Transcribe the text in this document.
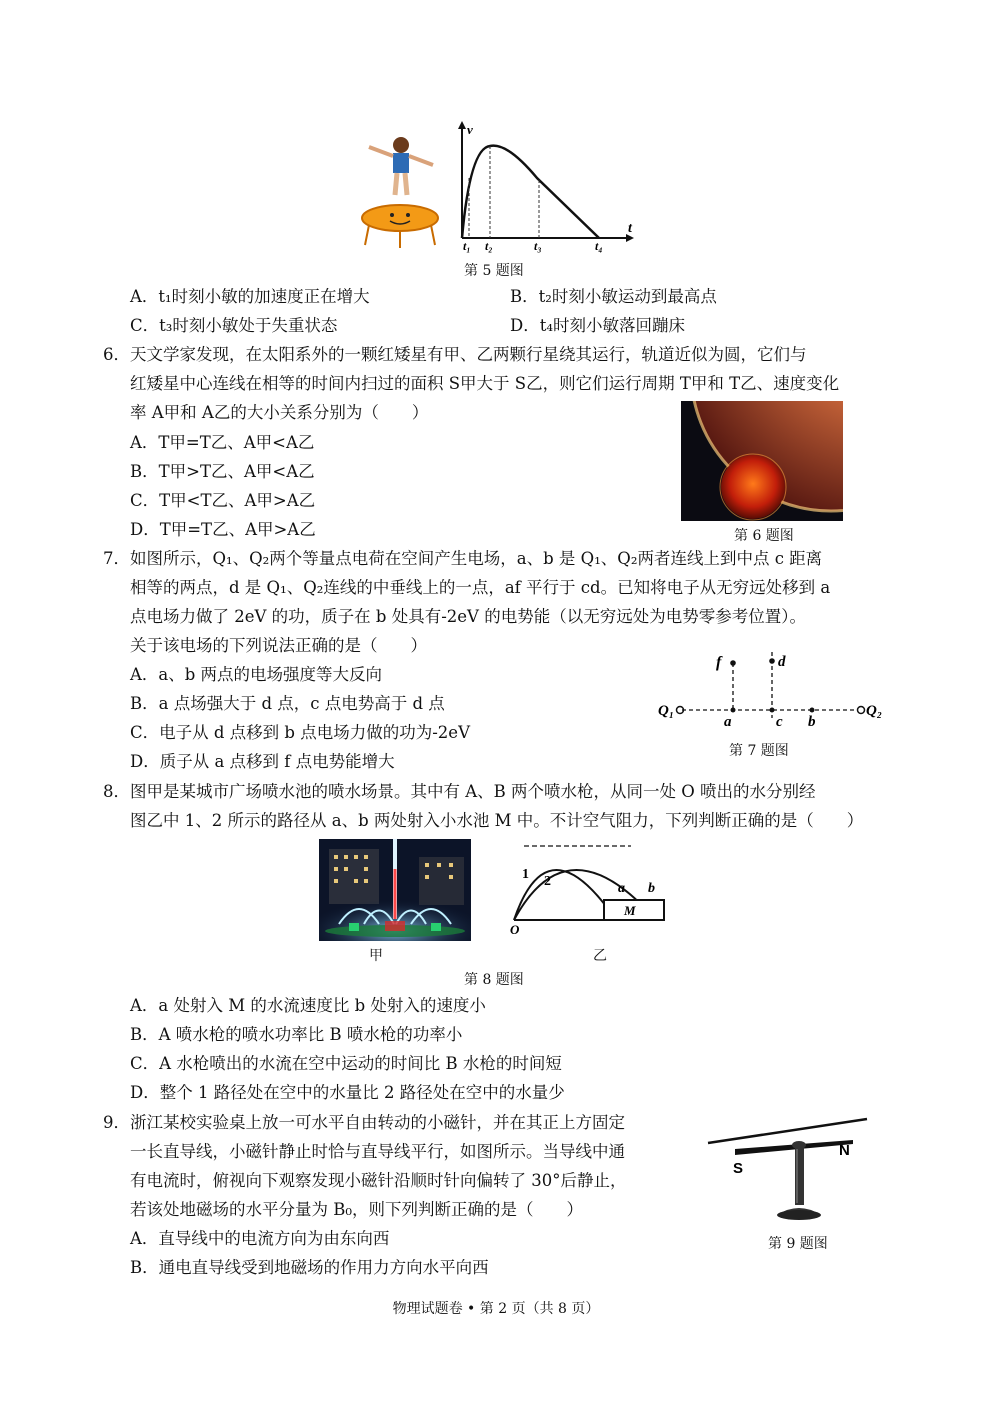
v
t
t₁ t₂	t₃	t₄
第 5 题图
A．t₁时刻小敏的加速度正在增大	B．t₂时刻小敏运动到最高点
C．t₃时刻小敏处于失重状态	D．t₄时刻小敏落回蹦床
6．天文学家发现，在太阳系外的一颗红矮星有甲、乙两颗行星绕其运行，轨道近似为圆，它们与
红矮星中心连线在相等的时间内扫过的面积 S甲大于 S乙，则它们运行周期 T甲和 T乙、速度变化
率 A甲和 A乙的大小关系分别为（　　）
A．T甲=T乙、A甲<A乙
B．T甲>T乙、A甲<A乙
C．T甲<T乙、A甲>A乙
D．T甲=T乙、A甲>A乙	第 6 题图
7．如图所示，Q₁、Q₂两个等量点电荷在空间产生电场，a、b 是 Q₁、Q₂两者连线上到中点 c 距离
相等的两点，d 是 Q₁、Q₂连线的中垂线上的一点，af 平行于 cd。已知将电子从无穷远处移到 a
点电场力做了 2eV 的功，质子在 b 处具有-2eV 的电势能（以无穷远处为电势零参考位置）。
关于该电场的下列说法正确的是（　　）
A．a、b 两点的电场强度等大反向
B．a 点场强大于 d 点，c 点电势高于 d 点
C．电子从 d 点移到 b 点电场力做的功为-2eV
D．质子从 a 点移到 f 点电势能增大
f	d
Q₁	Q₂
a	c b
第 7 题图
8．图甲是某城市广场喷水池的喷水场景。其中有 A、B 两个喷水枪，从同一处 O 喷出的水分别经
图乙中 1、2 所示的路径从 a、b 两处射入小水池 M 中。不计空气阻力，下列判断正确的是（　　）
1 2	a b
M
O
甲	乙
第 8 题图
A．a 处射入 M 的水流速度比 b 处射入的速度小
B．A 喷水枪的喷水功率比 B 喷水枪的功率小
C．A 水枪喷出的水流在空中运动的时间比 B 水枪的时间短
D．整个 1 路径处在空中的水量比 2 路径处在空中的水量少
9．浙江某校实验桌上放一可水平自由转动的小磁针，并在其正上方固定
一长直导线，小磁针静止时恰与直导线平行，如图所示。当导线中通
有电流时，俯视向下观察发现小磁针沿顺时针向偏转了 30°后静止，
若该处地磁场的水平分量为 B₀，则下列判断正确的是（　　）
A．直导线中的电流方向为由东向西
B．通电直导线受到地磁场的作用力方向水平向西
S
N
第 9 题图
物理试题卷 • 第 2 页（共 8 页）
